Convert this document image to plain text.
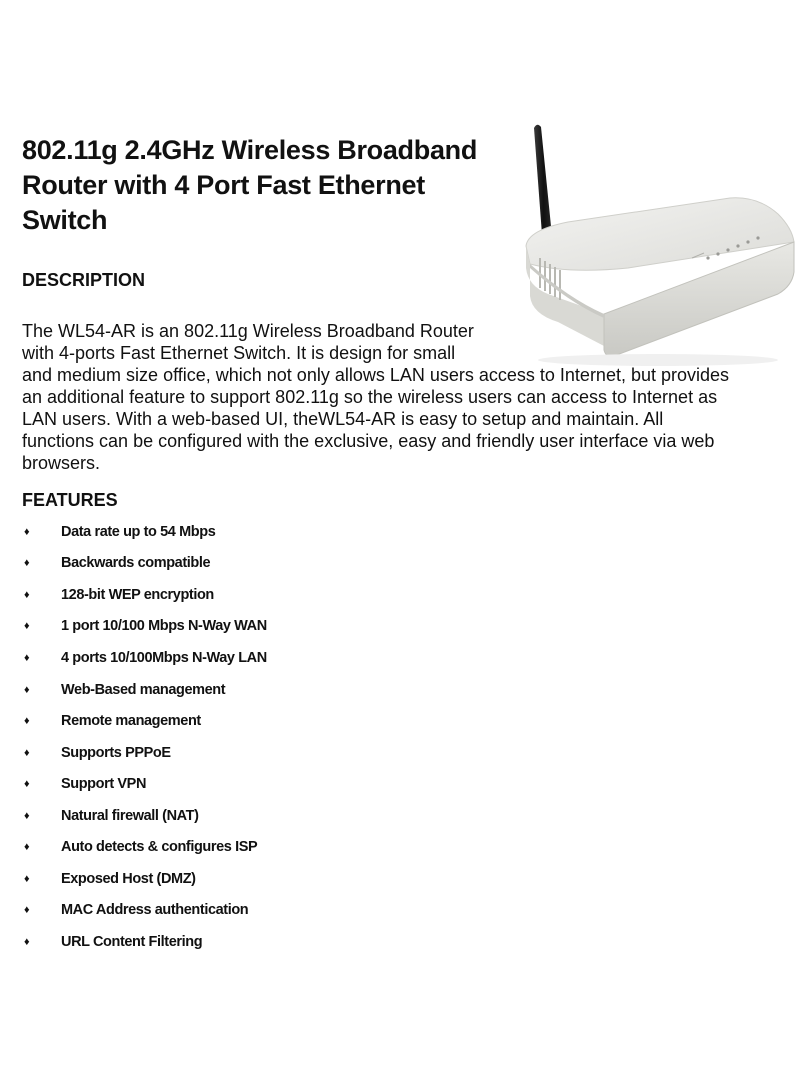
802.11g 2.4GHz Wireless Broadband
Router with 4 Port Fast Ethernet
Switch
DESCRIPTION
The WL54-AR is an 802.11g Wireless Broadband Router
with 4-ports Fast Ethernet Switch. It is design for small
and medium size office, which not only allows LAN users access to Internet, but provides
an additional feature to support 802.11g so the wireless users can access to Internet as
LAN users. With a web-based UI, theWL54-AR is easy to setup and maintain. All
functions can be configured with the exclusive, easy and friendly user interface via web
browsers.
FEATURES
♦	Data rate up to 54 Mbps
♦	Backwards compatible
♦	128-bit WEP encryption
♦	1 port 10/100 Mbps N-Way WAN
♦	4 ports 10/100Mbps N-Way LAN
♦	Web-Based management
♦	Remote management
♦	Supports PPPoE
♦	Support VPN
♦	Natural firewall (NAT)
♦	Auto detects & configures ISP
♦	Exposed Host (DMZ)
♦	MAC Address authentication
♦	URL Content Filtering
